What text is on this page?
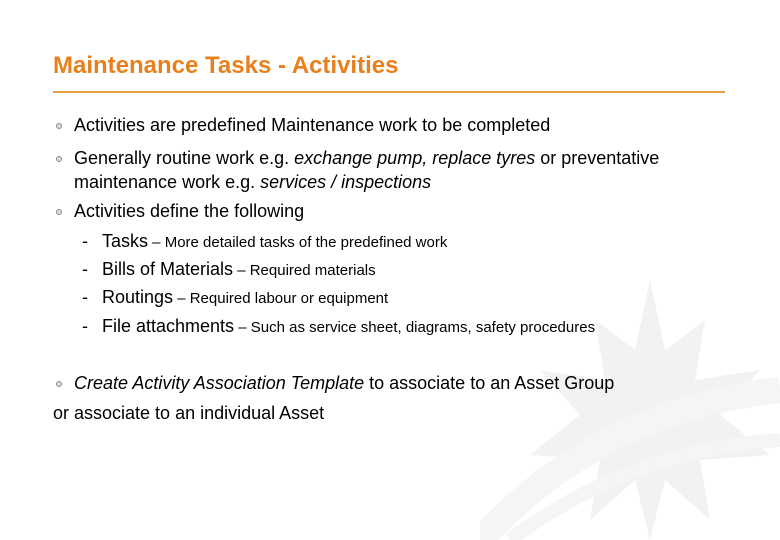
Maintenance Tasks - Activities
Activities are predefined Maintenance work to be completed
Generally routine work e.g. exchange pump, replace tyres or preventative maintenance work e.g. services / inspections
Activities define the following
- Tasks – More detailed tasks of the predefined work
- Bills of Materials – Required materials
- Routings – Required labour or equipment
- File attachments – Such as service sheet, diagrams, safety procedures
Create Activity Association Template to associate to an Asset Group
or associate to an individual Asset
